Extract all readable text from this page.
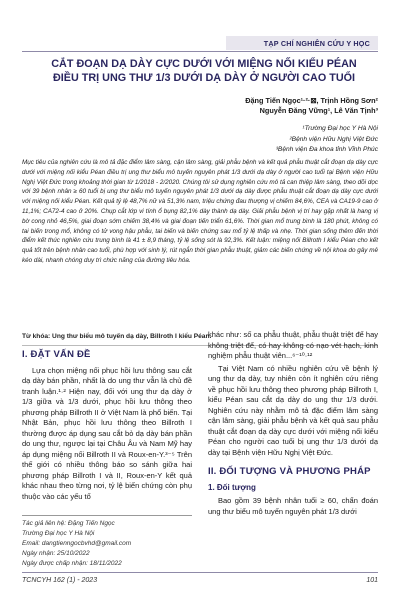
TẠP CHÍ NGHIÊN CỨU Y HỌC
CẮT ĐOẠN DẠ DÀY CỰC DƯỚI VỚI MIỆNG NỐI KIỂU PÉAN
ĐIỀU TRỊ UNG THƯ 1/3 DƯỚI DẠ DÀY Ở NGƯỜI CAO TUỔI
Đặng Tiến Ngọc¹·²·⊠, Trịnh Hồng Sơn²
Nguyễn Đăng Vững¹, Lê Văn Tịnh³
¹Trường Đại học Y Hà Nội
²Bệnh viện Hữu Nghị Việt Đức
³Bệnh viện Đa khoa tỉnh Vĩnh Phúc
Mục tiêu của nghiên cứu là mô tả đặc điểm lâm sàng, cận lâm sàng, giải phẫu bệnh và kết quả phẫu thuật cắt đoạn dạ dày cực dưới với miệng nối kiểu Péan điều trị ung thư biểu mô tuyến nguyên phát 1/3 dưới dạ dày ở người cao tuổi tại Bệnh viện Hữu Nghị Việt Đức trong khoảng thời gian từ 1/2018 - 2/2020. Chúng tôi sử dụng nghiên cứu mô tả can thiệp lâm sàng, theo dõi dọc với 39 bệnh nhân ≥ 60 tuổi bị ung thư biểu mô tuyến nguyên phát 1/3 dưới dạ dày được phẫu thuật cắt đoạn dạ dày cực dưới với miệng nối kiểu Péan. Kết quả tỷ lệ 48,7% nữ và 51,3% nam, triệu chứng đau thượng vị chiếm 84,6%, CEA và CA19-9 cao ở 11,1%; CA72-4 cao ở 20%. Chụp cắt lớp vi tính ổ bụng 82,1% dày thành dạ dày. Giải phẫu bệnh vị trí hay gặp nhất là hang vị bờ cong nhỏ 46,5%, giai đoạn sớm chiếm 38,4% và giai đoạn tiến triển 61,6%. Thời gian mổ trung bình là 180 phút, không có tai biến trong mổ, không có tử vong hậu phẫu, tai biến và biến chứng sau mổ tỷ lệ thấp và nhẹ. Thời gian sống thêm đến thời điểm kết thúc nghiên cứu trung bình là 41 ± 8,9 tháng, tỷ lệ sống sót là 92,3%. Kết luận: miệng nối Billroth I kiểu Péan cho kết quả tốt trên bệnh nhân cao tuổi, phù hợp với sinh lý, rút ngắn thời gian phẫu thuật, giảm các biến chứng về nội khoa do gây mê kéo dài, nhanh chóng duy trì chức năng của đường tiêu hóa.
Từ khóa: Ung thư biểu mô tuyến dạ dày, Billroth I kiểu Péan.
I. ĐẶT VẤN ĐỀ
Lựa chọn miệng nối phục hồi lưu thông sau cắt dạ dày bán phần, nhất là do ung thư vẫn là chủ đề tranh luận.¹·² Hiện nay, đối với ung thư dạ dày ở 1/3 giữa và 1/3 dưới, phục hồi lưu thông theo phương pháp Billroth II ở Việt Nam là phổ biến. Tại Nhật Bản, phục hồi lưu thông theo Billroth I thường được áp dụng sau cắt bỏ dạ dày bán phần do ung thư, ngược lại tại Châu Âu và Nam Mỹ hay áp dụng miệng nối Billroth II và Roux-en-Y.³⁻⁵ Trên thế giới có nhiều thông báo so sánh giữa hai phương pháp Billroth I và II, Roux-en-Y kết quả khác nhau theo từng nơi, tỷ lệ biến chứng còn phụ thuộc vào các yếu tố
khác như: số ca phẫu thuật, phẫu thuật triệt để hay không triệt để, có hay không có nạo vét hạch, kinh nghiệm phẫu thuật viên...⁶⁻¹⁰·¹²
Tại Việt Nam có nhiều nghiên cứu về bệnh lý ung thư dạ dày, tuy nhiên còn ít nghiên cứu riêng về phục hồi lưu thông theo phương pháp Billroth I, kiểu Péan sau cắt dạ dày do ung thư 1/3 dưới. Nghiên cứu này nhằm mô tả đặc điểm lâm sàng cận lâm sàng, giải phẫu bệnh và kết quả sau phẫu thuật cắt đoạn dạ dày cực dưới với miệng nối kiểu Péan cho người cao tuổi bị ung thư 1/3 dưới dạ dày tại Bệnh viện Hữu Nghị Việt Đức.
II. ĐỐI TƯỢNG VÀ PHƯƠNG PHÁP
1. Đối tượng
Bao gồm 39 bệnh nhân tuổi ≥ 60, chẩn đoán ung thư biểu mô tuyến nguyên phát 1/3 dưới
Tác giả liên hệ: Đặng Tiến Ngọc
Trường Đại học Y Hà Nội
Email: dangtienngocbvhd@gmail.com
Ngày nhận: 25/10/2022
Ngày được chấp nhận: 18/11/2022
TCNCYH 162 (1) - 2023	101
